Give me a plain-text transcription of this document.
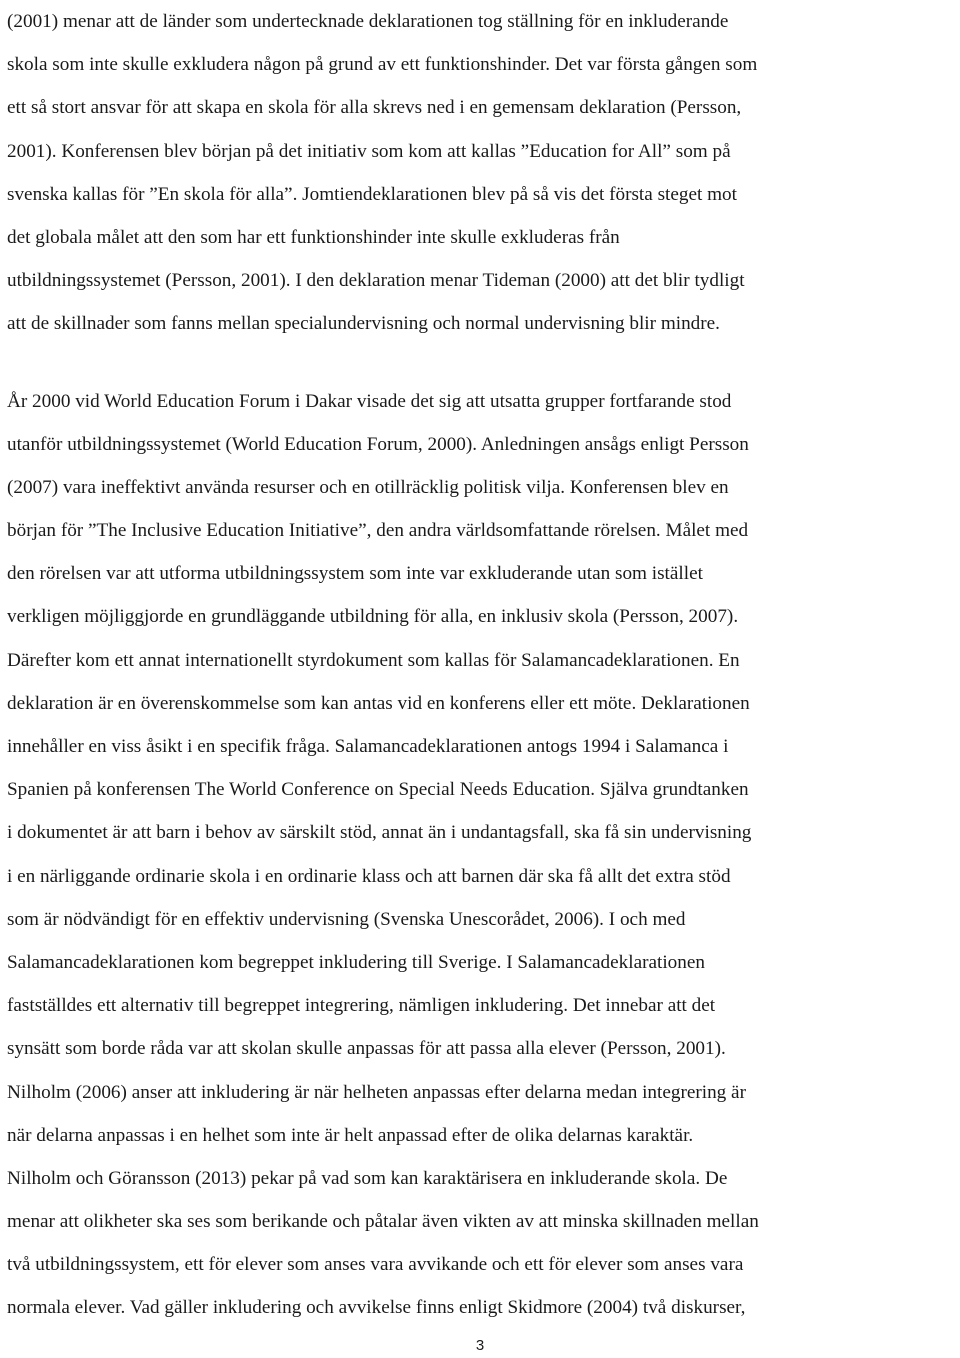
(2001) menar att de länder som undertecknade deklarationen tog ställning för en inkluderande
skola som inte skulle exkludera någon på grund av ett funktionshinder. Det var första gången som
ett så stort ansvar för att skapa en skola för alla skrevs ned i en gemensam deklaration (Persson,
2001). Konferensen blev början på det initiativ som kom att kallas ”Education for All” som på
svenska kallas för ”En skola för alla”. Jomtiendeklarationen blev på så vis det första steget mot
det globala målet att den som har ett funktionshinder inte skulle exkluderas från
utbildningssystemet (Persson, 2001). I den deklaration menar Tideman (2000) att det blir tydligt
att de skillnader som fanns mellan specialundervisning och normal undervisning blir mindre.

År 2000 vid World Education Forum i Dakar visade det sig att utsatta grupper fortfarande stod
utanför utbildningssystemet (World Education Forum, 2000). Anledningen ansågs enligt Persson
(2007) vara ineffektivt använda resurser och en otillräcklig politisk vilja. Konferensen blev en
början för ”The Inclusive Education Initiative”, den andra världsomfattande rörelsen. Målet med
den rörelsen var att utforma utbildningssystem som inte var exkluderande utan som istället
verkligen möjliggjorde en grundläggande utbildning för alla, en inklusiv skola (Persson, 2007).
Därefter kom ett annat internationellt styrdokument som kallas för Salamancadeklarationen. En
deklaration är en överenskommelse som kan antas vid en konferens eller ett möte. Deklarationen
innehåller en viss åsikt i en specifik fråga. Salamancadeklarationen antogs 1994 i Salamanca i
Spanien på konferensen The World Conference on Special Needs Education. Själva grundtanken
i dokumentet är att barn i behov av särskilt stöd, annat än i undantagsfall, ska få sin undervisning
i en närliggande ordinarie skola i en ordinarie klass och att barnen där ska få allt det extra stöd
som är nödvändigt för en effektiv undervisning (Svenska Unescorådet, 2006). I och med
Salamancadeklarationen kom begreppet inkludering till Sverige. I Salamancadeklarationen
fastställdes ett alternativ till begreppet integrering, nämligen inkludering. Det innebar att det
synsätt som borde råda var att skolan skulle anpassas för att passa alla elever (Persson, 2001).
Nilholm (2006) anser att inkludering är när helheten anpassas efter delarna medan integrering är
när delarna anpassas i en helhet som inte är helt anpassad efter de olika delarnas karaktär.
Nilholm och Göransson (2013) pekar på vad som kan karaktärisera en inkluderande skola. De
menar att olikheter ska ses som berikande och påtalar även vikten av att minska skillnaden mellan
två utbildningssystem, ett för elever som anses vara avvikande och ett för elever som anses vara
normala elever. Vad gäller inkludering och avvikelse finns enligt Skidmore (2004) två diskurser,

3
